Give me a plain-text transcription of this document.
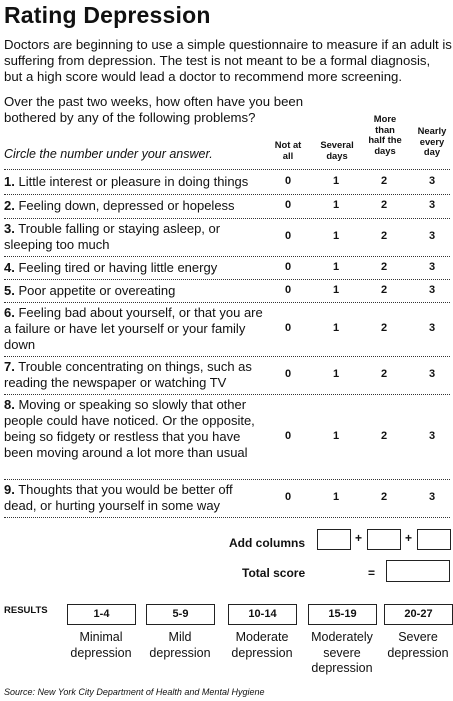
Rating Depression
Doctors are beginning to use a simple questionnaire to measure if an adult is suffering from depression. The test is not meant to be a formal diagnosis, but a high score would lead a doctor to recommend more screening.
Over the past two weeks, how often have you been bothered by any of the following problems?
Circle the number under your answer.
Not at all
Several days
More than half the days
Nearly every day
1. Little interest or pleasure in doing things	0	1	2	3
2. Feeling down, depressed or hopeless	0	1	2	3
3. Trouble falling or staying asleep, or sleeping too much
0	1	2	3
4. Feeling tired or having little energy	0	1	2	3
5. Poor appetite or overeating	0	1	2	3
6. Feeling bad about yourself, or that you are a failure or have let yourself or your family down
0	1	2	3
7. Trouble concentrating on things, such as reading the newspaper or watching TV
0	1	2	3
8. Moving or speaking so slowly that other people could have noticed. Or the opposite, being so fidgety or restless that you have been moving around a lot more than usual
0	1	2	3
9. Thoughts that you would be better off dead, or hurting yourself in some way
0	1	2	3
Add columns	+	+
Total score	=
RESULTS	1-4
Minimal depression
5-9
Mild depression
10-14
Moderate depression
15-19
Moderately severe depression
20-27
Severe depression
Source: New York City Department of Health and Mental Hygiene
